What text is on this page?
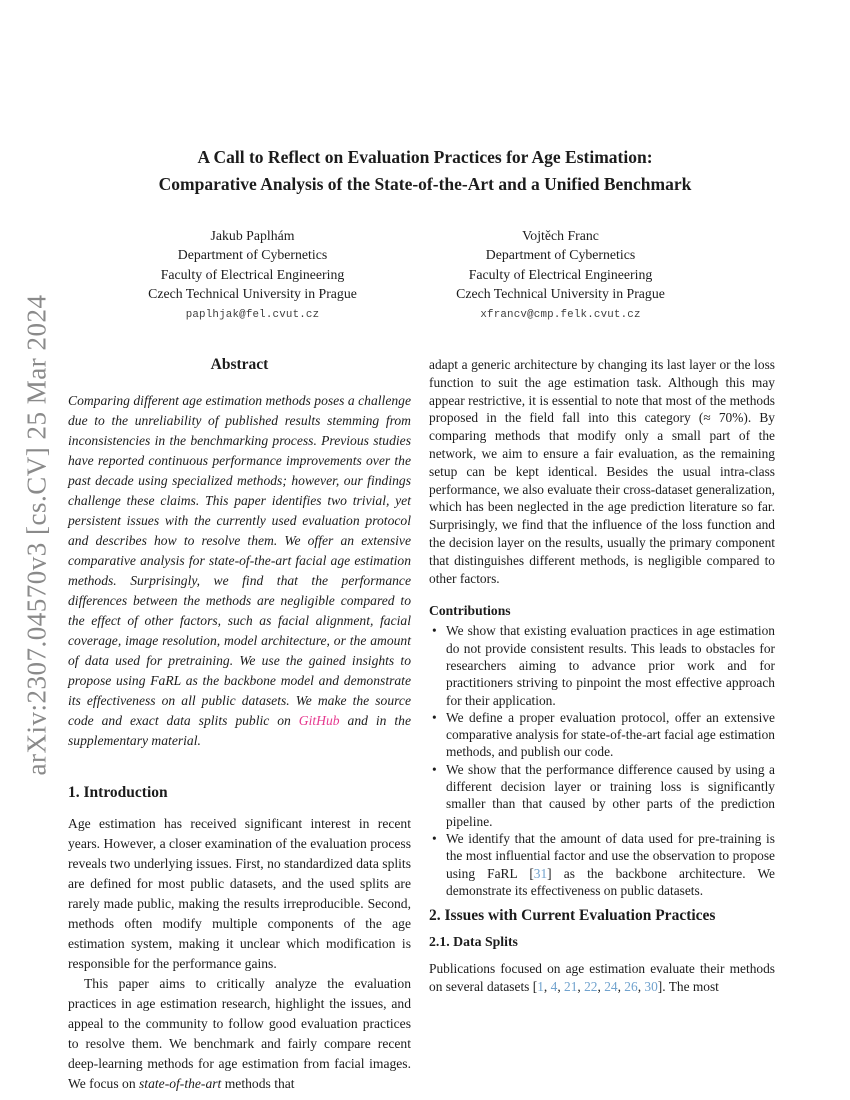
arXiv:2307.04570v3 [cs.CV] 25 Mar 2024
A Call to Reflect on Evaluation Practices for Age Estimation:
Comparative Analysis of the State-of-the-Art and a Unified Benchmark
Jakub Paplhám
Department of Cybernetics
Faculty of Electrical Engineering
Czech Technical University in Prague
paplhjak@fel.cvut.cz
Vojtěch Franc
Department of Cybernetics
Faculty of Electrical Engineering
Czech Technical University in Prague
xfrancv@cmp.felk.cvut.cz
Abstract

Comparing different age estimation methods poses a challenge due to the unreliability of published results stemming from inconsistencies in the benchmarking process. Previous studies have reported continuous performance improvements over the past decade using specialized methods; however, our findings challenge these claims. This paper identifies two trivial, yet persistent issues with the currently used evaluation protocol and describes how to resolve them. We offer an extensive comparative analysis for state-of-the-art facial age estimation methods. Surprisingly, we find that the performance differences between the methods are negligible compared to the effect of other factors, such as facial alignment, facial coverage, image resolution, model architecture, or the amount of data used for pretraining. We use the gained insights to propose using FaRL as the backbone model and demonstrate its effectiveness on all public datasets. We make the source code and exact data splits public on GitHub and in the supplementary material.

1. Introduction

Age estimation has received significant interest in recent years. However, a closer examination of the evaluation process reveals two underlying issues. First, no standardized data splits are defined for most public datasets, and the used splits are rarely made public, making the results irreproducible. Second, methods often modify multiple components of the age estimation system, making it unclear which modification is responsible for the performance gains.

This paper aims to critically analyze the evaluation practices in age estimation research, highlight the issues, and appeal to the community to follow good evaluation practices to resolve them. We benchmark and fairly compare recent deep-learning methods for age estimation from facial images. We focus on state-of-the-art methods that

adapt a generic architecture by changing its last layer or the loss function to suit the age estimation task. Although this may appear restrictive, it is essential to note that most of the methods proposed in the field fall into this category (≈ 70%). By comparing methods that modify only a small part of the network, we aim to ensure a fair evaluation, as the remaining setup can be kept identical. Besides the usual intra-class performance, we also evaluate their cross-dataset generalization, which has been neglected in the age prediction literature so far. Surprisingly, we find that the influence of the loss function and the decision layer on the results, usually the primary component that distinguishes different methods, is negligible compared to other factors.

Contributions
• We show that existing evaluation practices in age estimation do not provide consistent results. This leads to obstacles for researchers aiming to advance prior work and for practitioners striving to pinpoint the most effective approach for their application.
• We define a proper evaluation protocol, offer an extensive comparative analysis for state-of-the-art facial age estimation methods, and publish our code.
• We show that the performance difference caused by using a different decision layer or training loss is significantly smaller than that caused by other parts of the prediction pipeline.
• We identify that the amount of data used for pre-training is the most influential factor and use the observation to propose using FaRL [31] as the backbone architecture. We demonstrate its effectiveness on public datasets.
2. Issues with Current Evaluation Practices
2.1. Data Splits

Publications focused on age estimation evaluate their methods on several datasets [1, 4, 21, 22, 24, 26, 30]. The most
